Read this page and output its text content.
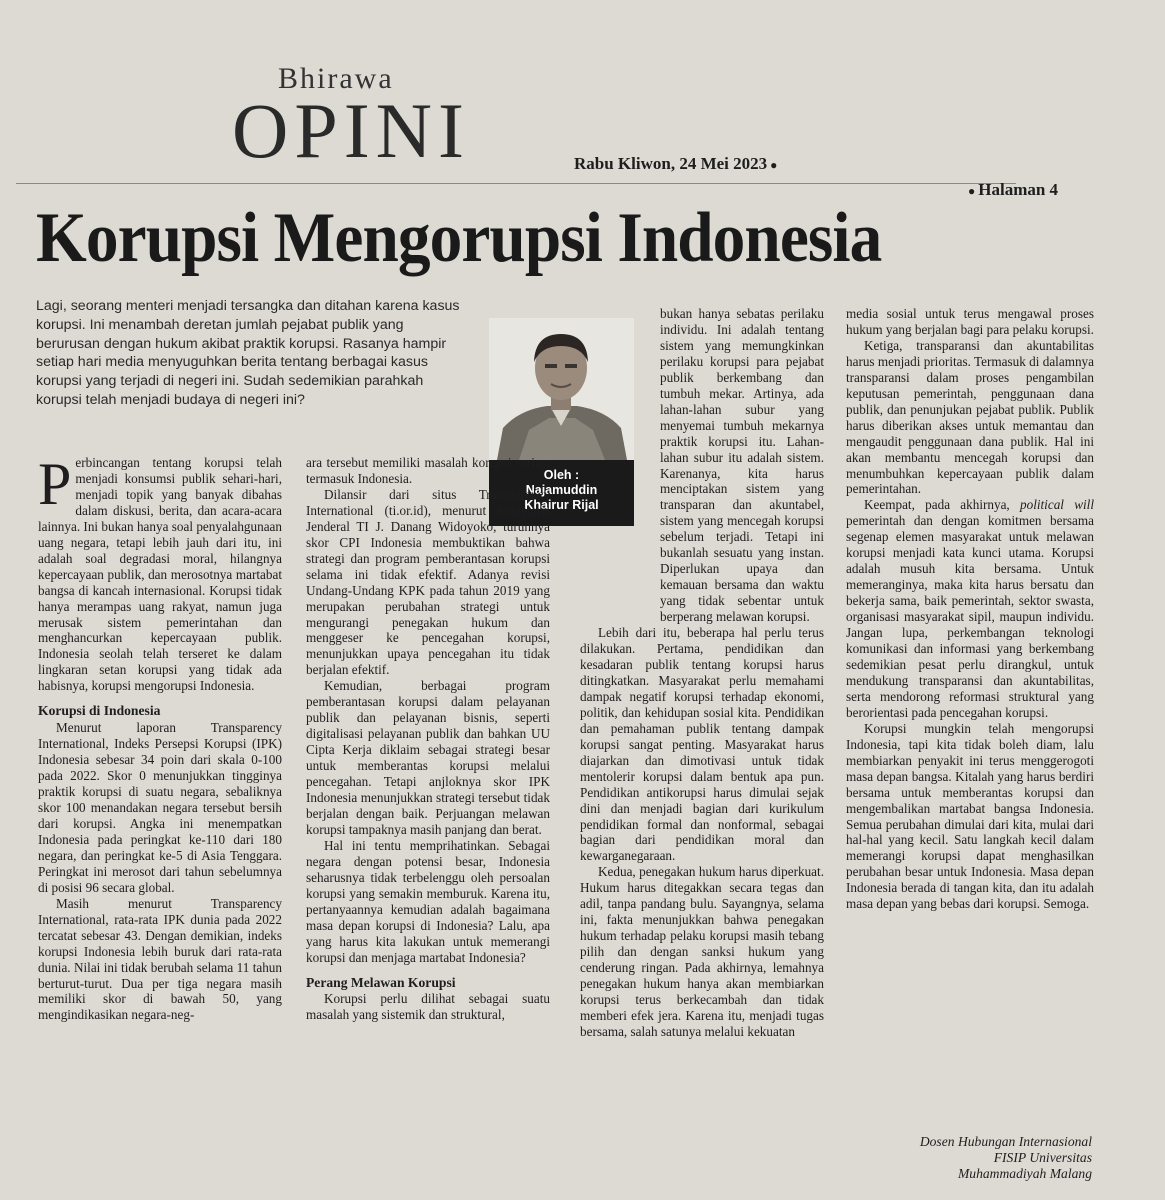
Bhirawa
OPINI	Rabu Kliwon, 24 Mei 2023 ●
● Halaman 4
Korupsi Mengorupsi Indonesia
Lagi, seorang menteri menjadi tersangka dan ditahan karena kasus korupsi. Ini menambah deretan jumlah pejabat publik yang berurusan dengan hukum akibat praktik korupsi. Rasanya hampir setiap hari media menyuguhkan berita tentang berbagai kasus korupsi yang terjadi di negeri ini. Sudah sedemikian parahkah korupsi telah menjadi budaya di negeri ini?
Oleh :
Najamuddin
Khairur Rijal

Perbincangan tentang korupsi telah menjadi konsumsi publik sehari-hari, menjadi topik yang banyak dibahas dalam diskusi, berita, dan acara-acara lainnya. Ini bukan hanya soal penyalahgunaan uang negara, tetapi lebih jauh dari itu, ini adalah soal degradasi moral, hilangnya kepercayaan publik, dan merosotnya martabat bangsa di kancah internasional. Korupsi tidak hanya merampas uang rakyat, namun juga merusak sistem pemerintahan dan menghancurkan kepercayaan publik. Indonesia seolah telah terseret ke dalam lingkaran setan korupsi yang tidak ada habisnya, korupsi mengorupsi Indonesia.

Korupsi di Indonesia

Menurut laporan Transparency International, Indeks Persepsi Korupsi (IPK) Indonesia sebesar 34 poin dari skala 0-100 pada 2022. Skor 0 menunjukkan tingginya praktik korupsi di suatu negara, sebaliknya skor 100 menandakan negara tersebut bersih dari korupsi. Angka ini menempatkan Indonesia pada peringkat ke-110 dari 180 negara, dan peringkat ke-5 di Asia Tenggara. Peringkat ini merosot dari tahun sebelumnya di posisi 96 secara global.

Masih menurut Transparency International, rata-rata IPK dunia pada 2022 tercatat sebesar 43. Dengan demikian, indeks korupsi Indonesia lebih buruk dari rata-rata dunia. Nilai ini tidak berubah selama 11 tahun berturut-turut. Dua per tiga negara masih memiliki skor di bawah 50, yang mengindikasikan negara-neg-

ara tersebut memiliki masalah korupsi serius, termasuk Indonesia.

Dilansir dari situs Transparency International (ti.or.id), menurut Sekretaris Jenderal TI J. Danang Widoyoko, turunnya skor CPI Indonesia membuktikan bahwa strategi dan program pemberantasan korupsi selama ini tidak efektif. Adanya revisi Undang-Undang KPK pada tahun 2019 yang merupakan perubahan strategi untuk mengurangi penegakan hukum dan menggeser ke pencegahan korupsi, menunjukkan upaya pencegahan itu tidak berjalan efektif.

Kemudian, berbagai program pemberantasan korupsi dalam pelayanan publik dan pelayanan bisnis, seperti digitalisasi pelayanan publik dan bahkan UU Cipta Kerja diklaim sebagai strategi besar untuk memberantas korupsi melalui pencegahan. Tetapi anjloknya skor IPK Indonesia menunjukkan strategi tersebut tidak berjalan dengan baik. Perjuangan melawan korupsi tampaknya masih panjang dan berat.

Hal ini tentu memprihatinkan. Sebagai negara dengan potensi besar, Indonesia seharusnya tidak terbelenggu oleh persoalan korupsi yang semakin memburuk. Karena itu, pertanyaannya kemudian adalah bagaimana masa depan korupsi di Indonesia? Lalu, apa yang harus kita lakukan untuk memerangi korupsi dan menjaga martabat Indonesia?

Perang Melawan Korupsi

Korupsi perlu dilihat sebagai suatu masalah yang sistemik dan struktural,

bukan hanya sebatas perilaku individu. Ini adalah tentang sistem yang memungkinkan perilaku korupsi para pejabat publik berkembang dan tumbuh mekar. Artinya, ada lahan-lahan subur yang menyemai tumbuh mekarnya praktik korupsi itu. Lahan-lahan subur itu adalah sistem. Karenanya, kita harus menciptakan sistem yang transparan dan akuntabel, sistem yang mencegah korupsi sebelum terjadi. Tetapi ini bukanlah sesuatu yang instan. Diperlukan upaya dan kemauan bersama dan waktu yang tidak sebentar untuk berperang melawan korupsi.

Lebih dari itu, beberapa hal perlu terus dilakukan. Pertama, pendidikan dan kesadaran publik tentang korupsi harus ditingkatkan. Masyarakat perlu memahami dampak negatif korupsi terhadap ekonomi, politik, dan kehidupan sosial kita. Pendidikan dan pemahaman publik tentang dampak korupsi sangat penting. Masyarakat harus diajarkan dan dimotivasi untuk tidak mentolerir korupsi dalam bentuk apa pun. Pendidikan antikorupsi harus dimulai sejak dini dan menjadi bagian dari kurikulum pendidikan formal dan nonformal, sebagai bagian dari pendidikan moral dan kewarganegaraan.

Kedua, penegakan hukum harus diperkuat. Hukum harus ditegakkan secara tegas dan adil, tanpa pandang bulu. Sayangnya, selama ini, fakta menunjukkan bahwa penegakan hukum terhadap pelaku korupsi masih tebang pilih dan dengan sanksi hukum yang cenderung ringan. Pada akhirnya, lemahnya penegakan hukum hanya akan membiarkan korupsi terus berkecambah dan tidak memberi efek jera. Karena itu, menjadi tugas bersama, salah satunya melalui kekuatan

media sosial untuk terus mengawal proses hukum yang berjalan bagi para pelaku korupsi.

Ketiga, transparansi dan akuntabilitas harus menjadi prioritas. Termasuk di dalamnya transparansi dalam proses pengambilan keputusan pemerintah, penggunaan dana publik, dan penunjukan pejabat publik. Publik harus diberikan akses untuk memantau dan mengaudit penggunaan dana publik. Hal ini akan membantu mencegah korupsi dan menumbuhkan kepercayaan publik dalam pemerintahan.

Keempat, pada akhirnya, political will pemerintah dan dengan komitmen bersama segenap elemen masyarakat untuk melawan korupsi menjadi kata kunci utama. Korupsi adalah musuh kita bersama. Untuk memeranginya, maka kita harus bersatu dan bekerja sama, baik pemerintah, sektor swasta, organisasi masyarakat sipil, maupun individu. Jangan lupa, perkembangan teknologi komunikasi dan informasi yang berkembang sedemikian pesat perlu dirangkul, untuk mendukung transparansi dan akuntabilitas, serta mendorong reformasi struktural yang berorientasi pada pencegahan korupsi.

Korupsi mungkin telah mengorupsi Indonesia, tapi kita tidak boleh diam, lalu membiarkan penyakit ini terus menggerogoti masa depan bangsa. Kitalah yang harus berdiri bersama untuk memberantas korupsi dan mengembalikan martabat bangsa Indonesia. Semua perubahan dimulai dari kita, mulai dari hal-hal yang kecil. Satu langkah kecil dalam memerangi korupsi dapat menghasilkan perubahan besar untuk Indonesia. Masa depan Indonesia berada di tangan kita, dan itu adalah masa depan yang bebas dari korupsi. Semoga.

Dosen Hubungan Internasional
FISIP Universitas
Muhammadiyah Malang
